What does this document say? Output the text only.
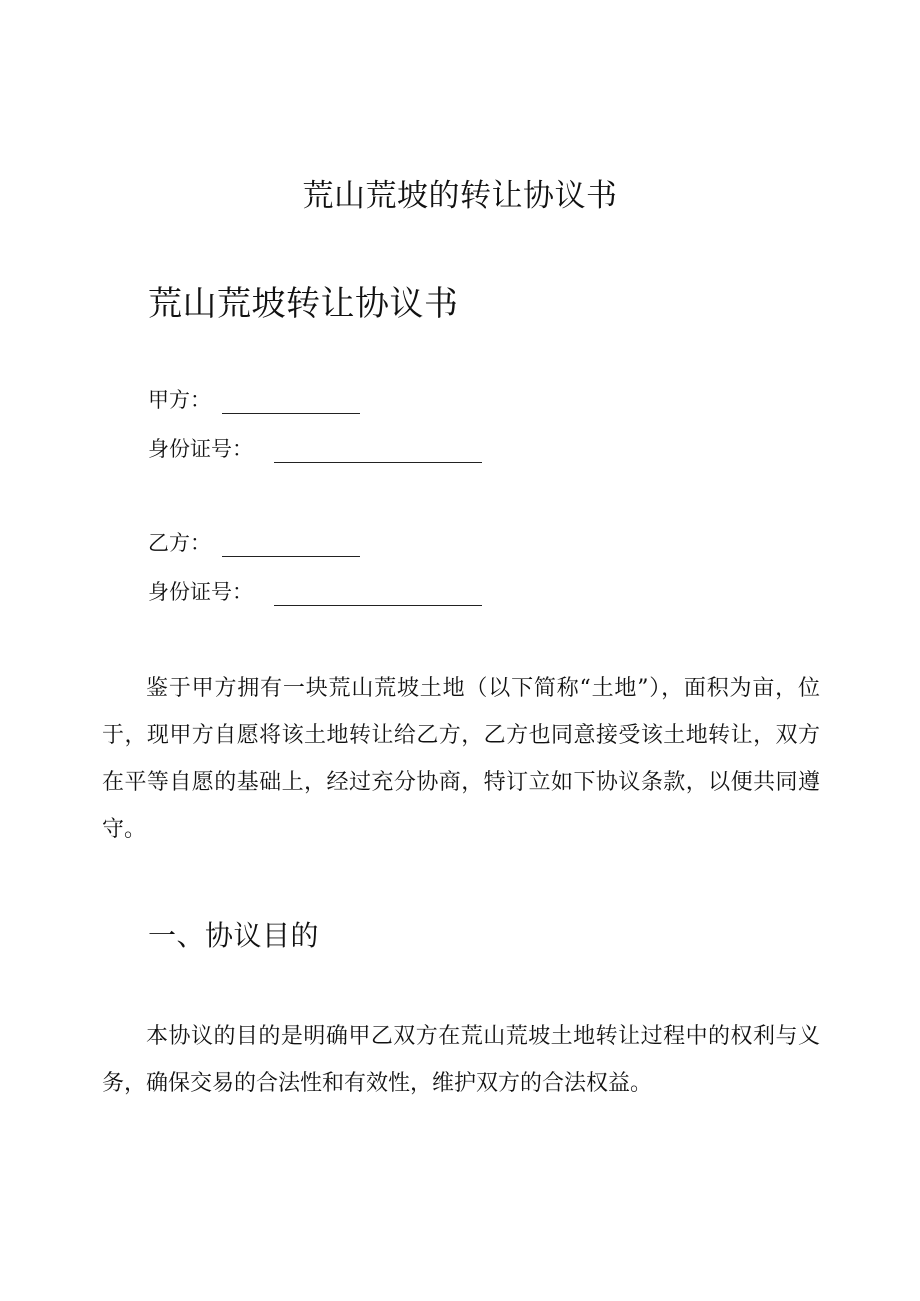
荒山荒坡的转让协议书
荒山荒坡转让协议书
甲方：
身份证号：
乙方：
身份证号：

鉴于甲方拥有一块荒山荒坡土地（以下简称“土地”），面积为亩，位于，现甲方自愿将该土地转让给乙方，乙方也同意接受该土地转让，双方在平等自愿的基础上，经过充分协商，特订立如下协议条款，以便共同遵守。

一、协议目的

本协议的目的是明确甲乙双方在荒山荒坡土地转让过程中的权利与义务，确保交易的合法性和有效性，维护双方的合法权益。
